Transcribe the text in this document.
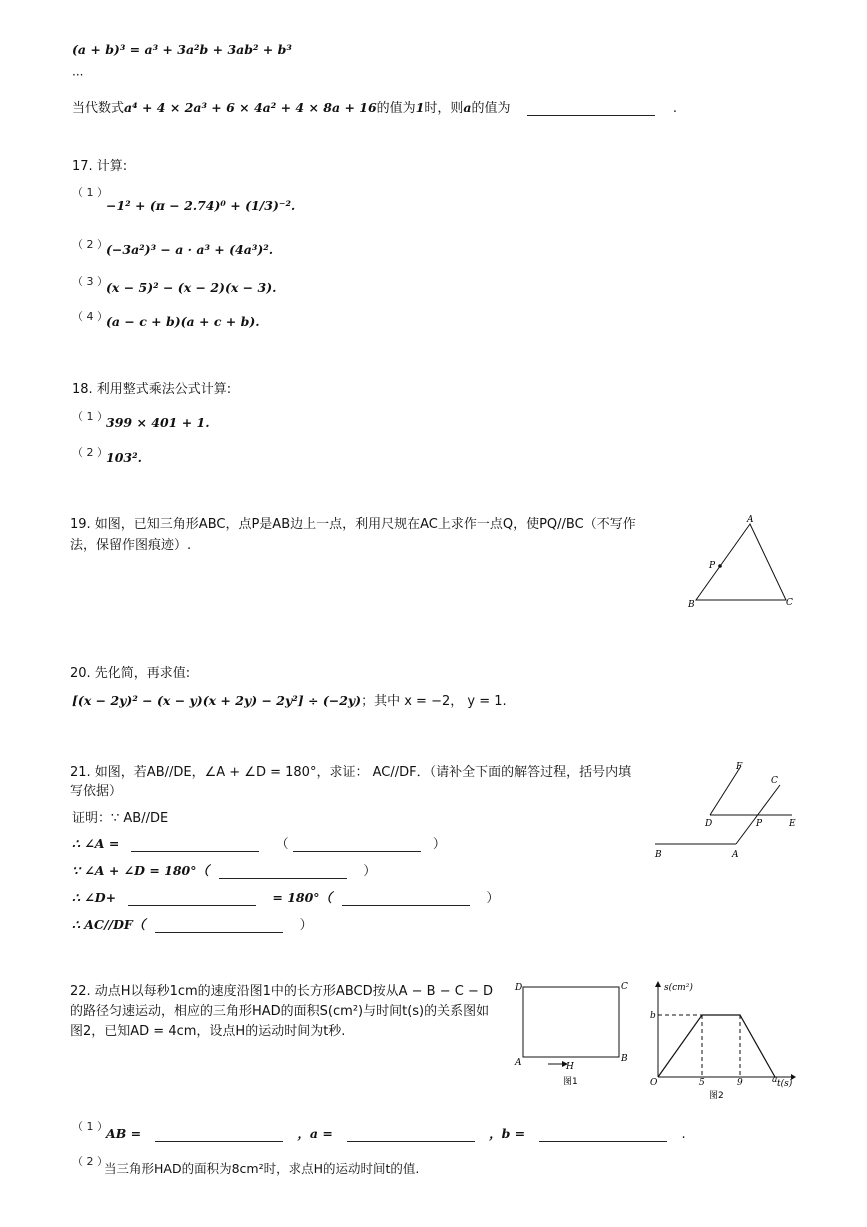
(a + b)³ = a³ + 3a²b + 3ab² + b³
···
当代数式a⁴ + 4 × 2a³ + 6 × 4a² + 4 × 8a + 16的值为1时，则a的值为	.
17. 计算:
（ 1 ）
−1² + (π − 2.74)⁰ + (1/3)⁻².
（ 2 ）
(−3a²)³ − a · a³ + (4a³)².
（ 3 ）
(x − 5)² − (x − 2)(x − 3).
（ 4 ）
(a − c + b)(a + c + b).
18. 利用整式乘法公式计算:
（ 1 ）
399 × 401 + 1.
（ 2 ）
103².
19. 如图，已知三角形ABC，点P是AB边上一点，利用尺规在AC上求作一点Q，使PQ//BC（不写作
法，保留作图痕迹）.
A
B	C
P
20. 先化简，再求值:
[(x − 2y)² − (x − y)(x + 2y) − 2y²] ÷ (−2y)；其中 x = −2， y = 1.
21. 如图，若AB//DE，∠A + ∠D = 180°，求证： AC//DF．（请补全下面的解答过程，括号内填
写依据）
证明：∵ AB//DE
∴ ∠A =	（	）
∵ ∠A + ∠D = 180°（	）
∴ ∠D+	= 180°（	）
∴ AC//DF（	）
F
C
D	P	E
B	A
22. 动点H以每秒1cm的速度沿图1中的长方形ABCD按从A − B − C − D
的路径匀速运动，相应的三角形HAD的面积S(cm²)与时间t(s)的关系图如
图2，已知AD = 4cm，设点H的运动时间为t秒.
D	C
A	B
H
图1
s(cm²)
t(s)
b
O	5	9	a
图2
（ 1 ）
AB =	，a =	，b =	.
（ 2 ）
当三角形HAD的面积为8cm²时，求点H的运动时间t的值.
